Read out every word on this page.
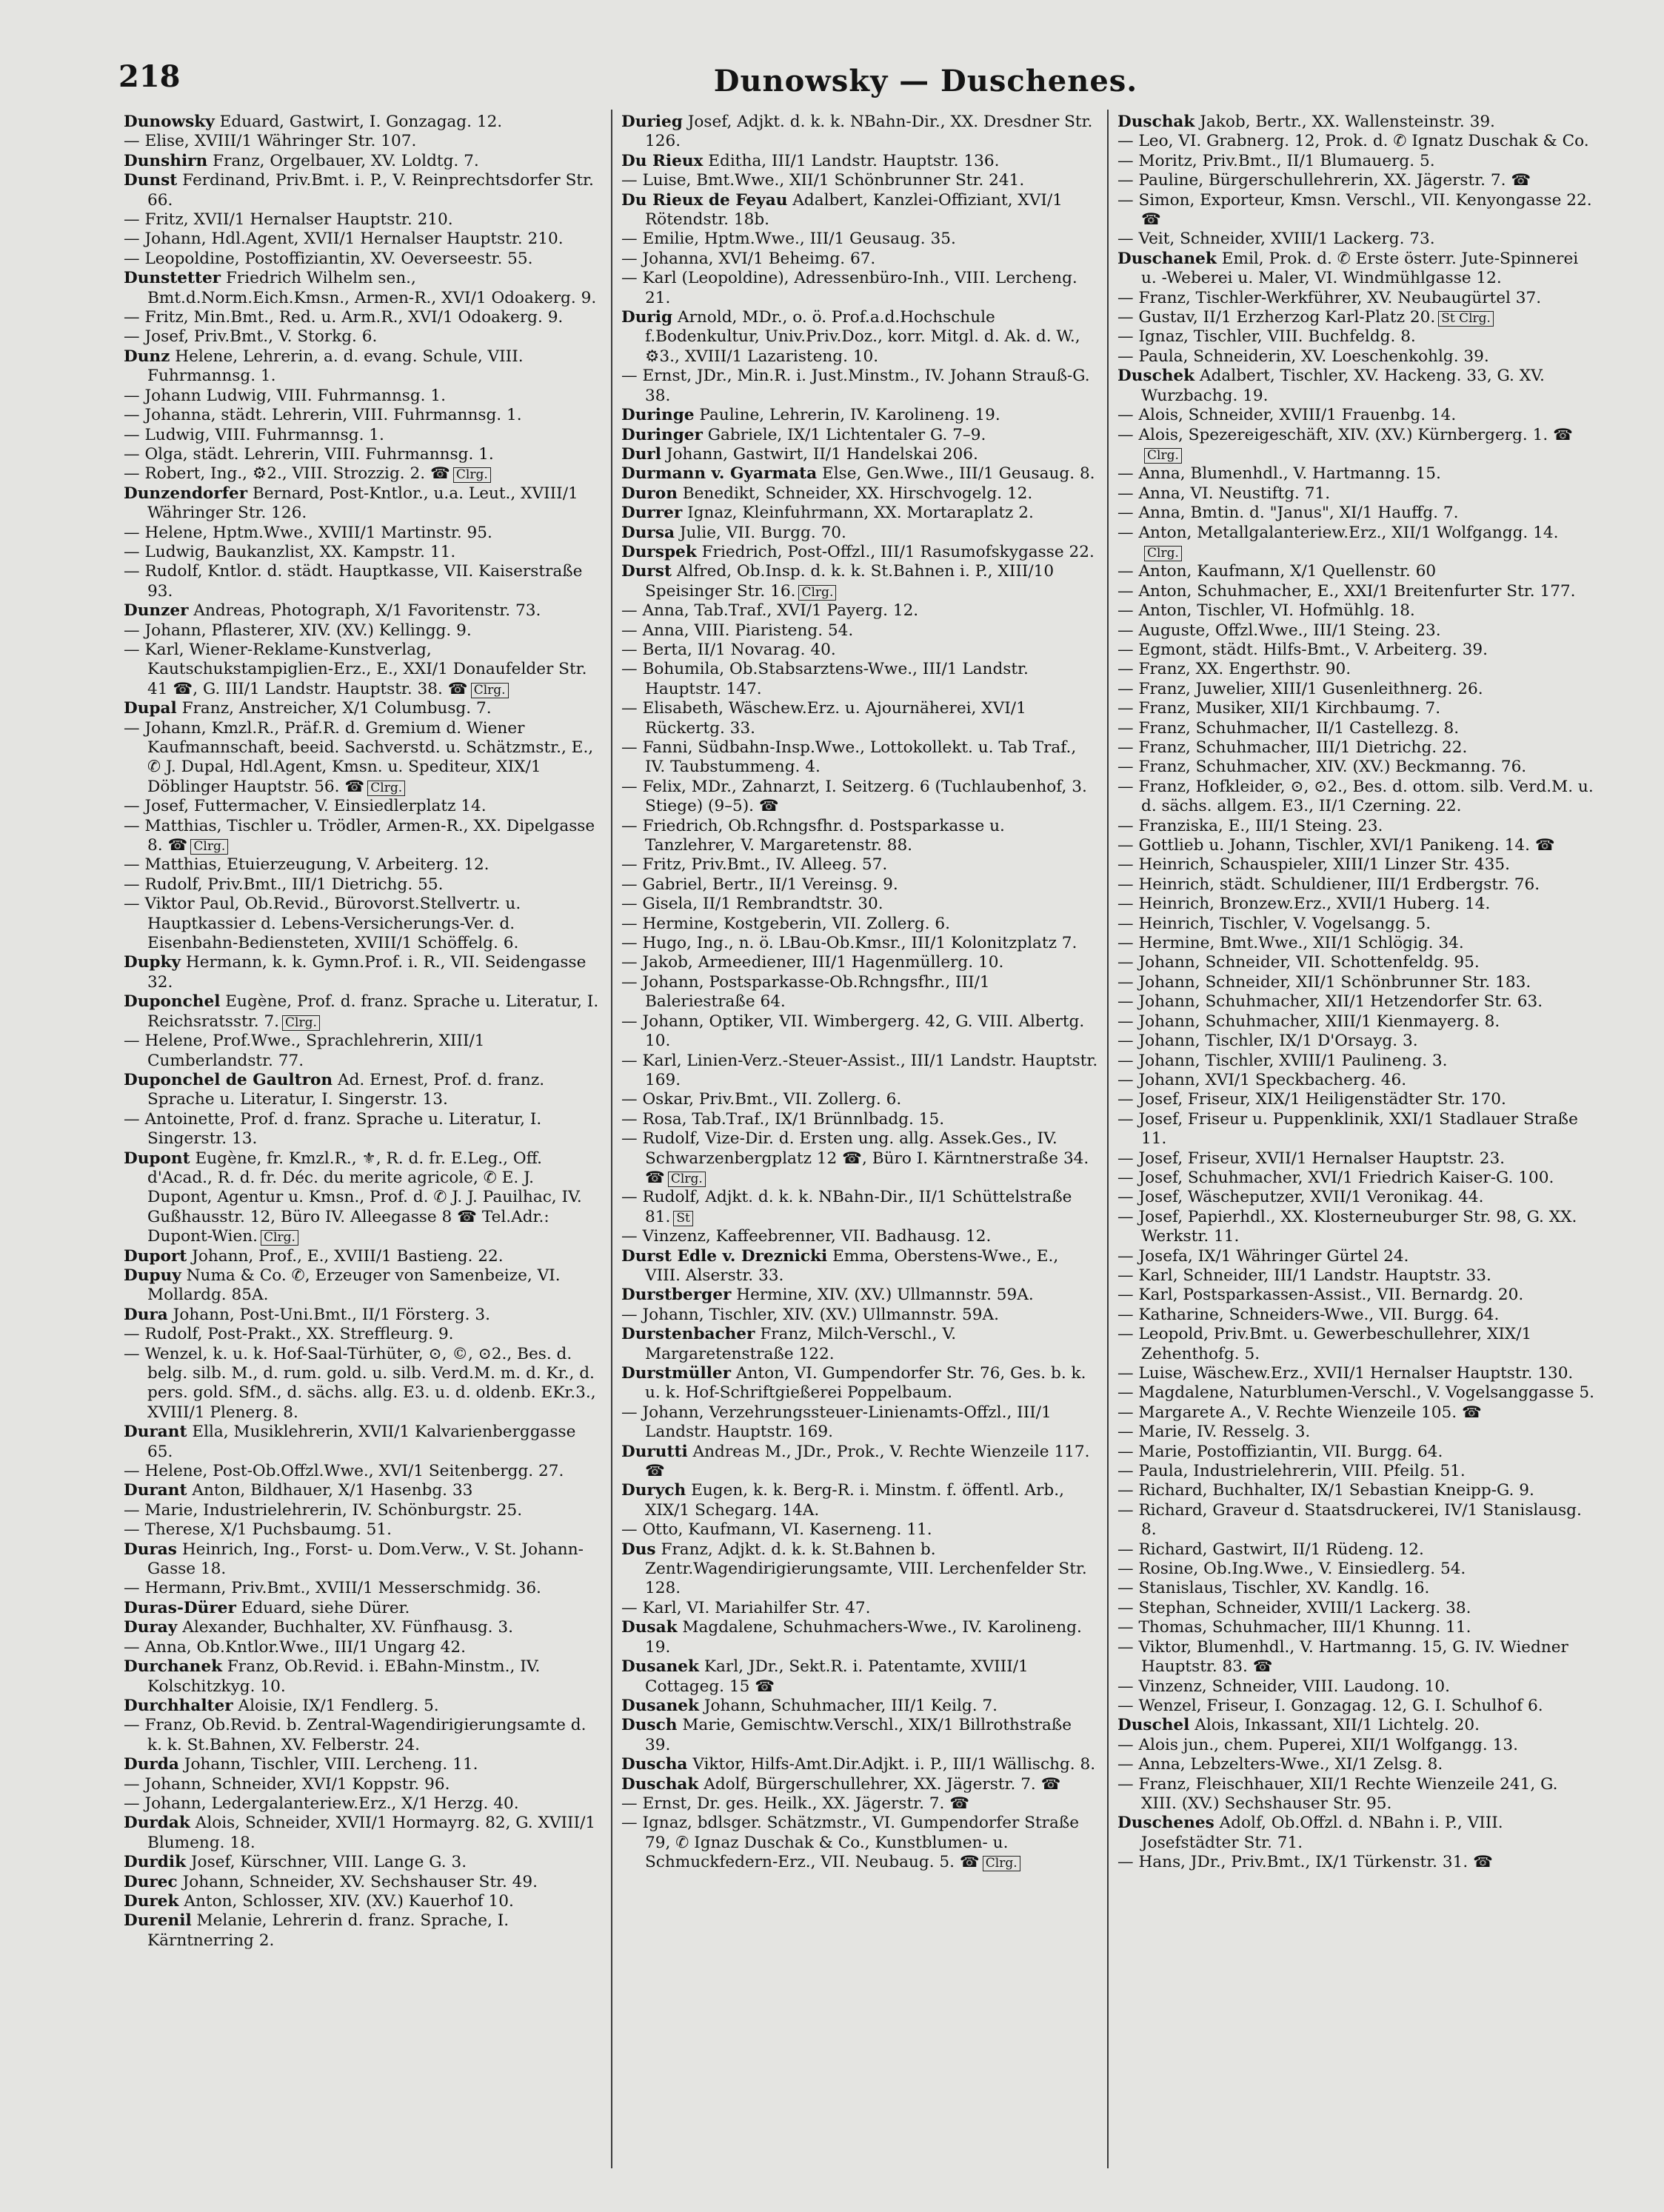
218	Dunowsky — Duschenes.

Dunowsky Eduard, Gastwirt, I. Gonzagag. 12.

— Elise, XVIII/1 Währinger Str. 107.

Dunshirn Franz, Orgelbauer, XV. Loldtg. 7.

Dunst Ferdinand, Priv.Bmt. i. P., V. Reinprechtsdorfer Str. 66.

— Fritz, XVII/1 Hernalser Hauptstr. 210.

— Johann, Hdl.Agent, XVII/1 Hernalser Hauptstr. 210.

— Leopoldine, Postoffiziantin, XV. Oeverseestr. 55.

Dunstetter Friedrich Wilhelm sen., Bmt.d.Norm.Eich.Kmsn., Armen-R., XVI/1 Odoakerg. 9.

— Fritz, Min.Bmt., Red. u. Arm.R., XVI/1 Odoakerg. 9.

— Josef, Priv.Bmt., V. Storkg. 6.

Dunz Helene, Lehrerin, a. d. evang. Schule, VIII. Fuhrmannsg. 1.

— Johann Ludwig, VIII. Fuhrmannsg. 1.

— Johanna, städt. Lehrerin, VIII. Fuhrmannsg. 1.

— Ludwig, VIII. Fuhrmannsg. 1.

— Olga, städt. Lehrerin, VIII. Fuhrmannsg. 1.

— Robert, Ing., ⚙2., VIII. Strozzig. 2. ☎ Clrg.

Dunzendorfer Bernard, Post-Kntlor., u.a. Leut., XVIII/1 Währinger Str. 126.

— Helene, Hptm.Wwe., XVIII/1 Martinstr. 95.

— Ludwig, Baukanzlist, XX. Kampstr. 11.

— Rudolf, Kntlor. d. städt. Hauptkasse, VII. Kaiserstraße 93.

Dunzer Andreas, Photograph, X/1 Favoritenstr. 73.

— Johann, Pflasterer, XIV. (XV.) Kellingg. 9.

— Karl, Wiener-Reklame-Kunstverlag, Kautschukstampiglien-Erz., E., XXI/1 Donaufelder Str. 41 ☎, G. III/1 Landstr. Hauptstr. 38. ☎ Clrg.

Dupal Franz, Anstreicher, X/1 Columbusg. 7.

— Johann, Kmzl.R., Präf.R. d. Gremium d. Wiener Kaufmannschaft, beeid. Sachverstd. u. Schätzmstr., E., ✆ J. Dupal, Hdl.Agent, Kmsn. u. Spediteur, XIX/1 Döblinger Hauptstr. 56. ☎ Clrg.

— Josef, Futtermacher, V. Einsiedlerplatz 14.

— Matthias, Tischler u. Trödler, Armen-R., XX. Dipelgasse 8. ☎ Clrg.

— Matthias, Etuierzeugung, V. Arbeiterg. 12.

— Rudolf, Priv.Bmt., III/1 Dietrichg. 55.

— Viktor Paul, Ob.Revid., Bürovorst.Stellvertr. u. Hauptkassier d. Lebens-Versicherungs-Ver. d. Eisenbahn-Bediensteten, XVIII/1 Schöffelg. 6.

Dupky Hermann, k. k. Gymn.Prof. i. R., VII. Seidengasse 32.

Duponchel Eugène, Prof. d. franz. Sprache u. Literatur, I. Reichsratsstr. 7. Clrg.

— Helene, Prof.Wwe., Sprachlehrerin, XIII/1 Cumberlandstr. 77.

Duponchel de Gaultron Ad. Ernest, Prof. d. franz. Sprache u. Literatur, I. Singerstr. 13.

— Antoinette, Prof. d. franz. Sprache u. Literatur, I. Singerstr. 13.

Dupont Eugène, fr. Kmzl.R., ⚜, R. d. fr. E.Leg., Off. d'Acad., R. d. fr. Déc. du merite agricole, ✆ E. J. Dupont, Agentur u. Kmsn., Prof. d. ✆ J. J. Pauilhac, IV. Gußhausstr. 12, Büro IV. Alleegasse 8 ☎ Tel.Adr.: Dupont-Wien. Clrg.

Duport Johann, Prof., E., XVIII/1 Bastieng. 22.

Dupuy Numa & Co. ✆, Erzeuger von Samenbeize, VI. Mollardg. 85A.

Dura Johann, Post-Uni.Bmt., II/1 Försterg. 3.

— Rudolf, Post-Prakt., XX. Streffleurg. 9.

— Wenzel, k. u. k. Hof-Saal-Türhüter, ⊙, ©, ⊙2., Bes. d. belg. silb. M., d. rum. gold. u. silb. Verd.M. m. d. Kr., d. pers. gold. SfM., d. sächs. allg. E3. u. d. oldenb. EKr.3., XVIII/1 Plenerg. 8.

Durant Ella, Musiklehrerin, XVII/1 Kalvarienberggasse 65.

— Helene, Post-Ob.Offzl.Wwe., XVI/1 Seitenbergg. 27.

Durant Anton, Bildhauer, X/1 Hasenbg. 33

— Marie, Industrielehrerin, IV. Schönburgstr. 25.

— Therese, X/1 Puchsbaumg. 51.

Duras Heinrich, Ing., Forst- u. Dom.Verw., V. St. Johann-Gasse 18.

— Hermann, Priv.Bmt., XVIII/1 Messerschmidg. 36.

Duras-Dürer Eduard, siehe Dürer.

Duray Alexander, Buchhalter, XV. Fünfhausg. 3.

— Anna, Ob.Kntlor.Wwe., III/1 Ungarg 42.

Durchanek Franz, Ob.Revid. i. EBahn-Minstm., IV. Kolschitzkyg. 10.

Durchhalter Aloisie, IX/1 Fendlerg. 5.

— Franz, Ob.Revid. b. Zentral-Wagendirigierungsamte d. k. k. St.Bahnen, XV. Felberstr. 24.

Durda Johann, Tischler, VIII. Lercheng. 11.

— Johann, Schneider, XVI/1 Koppstr. 96.

— Johann, Ledergalanteriew.Erz., X/1 Herzg. 40.

Durdak Alois, Schneider, XVII/1 Hormayrg. 82, G. XVIII/1 Blumeng. 18.

Durdik Josef, Kürschner, VIII. Lange G. 3.

Durec Johann, Schneider, XV. Sechshauser Str. 49.

Durek Anton, Schlosser, XIV. (XV.) Kauerhof 10.

Durenil Melanie, Lehrerin d. franz. Sprache, I. Kärntnerring 2.

Durieg Josef, Adjkt. d. k. k. NBahn-Dir., XX. Dresdner Str. 126.

Du Rieux Editha, III/1 Landstr. Hauptstr. 136.

— Luise, Bmt.Wwe., XII/1 Schönbrunner Str. 241.

Du Rieux de Feyau Adalbert, Kanzlei-Offiziant, XVI/1 Rötendstr. 18b.

— Emilie, Hptm.Wwe., III/1 Geusaug. 35.

— Johanna, XVI/1 Beheimg. 67.

— Karl (Leopoldine), Adressenbüro-Inh., VIII. Lercheng. 21.

Durig Arnold, MDr., o. ö. Prof.a.d.Hochschule f.Bodenkultur, Univ.Priv.Doz., korr. Mitgl. d. Ak. d. W., ⚙3., XVIII/1 Lazaristeng. 10.

— Ernst, JDr., Min.R. i. Just.Minstm., IV. Johann Strauß-G. 38.

Duringe Pauline, Lehrerin, IV. Karolineng. 19.

Duringer Gabriele, IX/1 Lichtentaler G. 7–9.

Durl Johann, Gastwirt, II/1 Handelskai 206.

Durmann v. Gyarmata Else, Gen.Wwe., III/1 Geusaug. 8.

Duron Benedikt, Schneider, XX. Hirschvogelg. 12.

Durrer Ignaz, Kleinfuhrmann, XX. Mortaraplatz 2.

Dursa Julie, VII. Burgg. 70.

Durspek Friedrich, Post-Offzl., III/1 Rasumofskygasse 22.

Durst Alfred, Ob.Insp. d. k. k. St.Bahnen i. P., XIII/10 Speisinger Str. 16. Clrg.

— Anna, Tab.Traf., XVI/1 Payerg. 12.

— Anna, VIII. Piaristeng. 54.

— Berta, II/1 Novarag. 40.

— Bohumila, Ob.Stabsarztens-Wwe., III/1 Landstr. Hauptstr. 147.

— Elisabeth, Wäschew.Erz. u. Ajournäherei, XVI/1 Rückertg. 33.

— Fanni, Südbahn-Insp.Wwe., Lottokollekt. u. Tab Traf., IV. Taubstummeng. 4.

— Felix, MDr., Zahnarzt, I. Seitzerg. 6 (Tuchlaubenhof, 3. Stiege) (9–5). ☎

— Friedrich, Ob.Rchngsfhr. d. Postsparkasse u. Tanzlehrer, V. Margaretenstr. 88.

— Fritz, Priv.Bmt., IV. Alleeg. 57.

— Gabriel, Bertr., II/1 Vereinsg. 9.

— Gisela, II/1 Rembrandtstr. 30.

— Hermine, Kostgeberin, VII. Zollerg. 6.

— Hugo, Ing., n. ö. LBau-Ob.Kmsr., III/1 Kolonitzplatz 7.

— Jakob, Armeediener, III/1 Hagenmüllerg. 10.

— Johann, Postsparkasse-Ob.Rchngsfhr., III/1 Baleriestraße 64.

— Johann, Optiker, VII. Wimbergerg. 42, G. VIII. Albertg. 10.

— Karl, Linien-Verz.-Steuer-Assist., III/1 Landstr. Hauptstr. 169.

— Oskar, Priv.Bmt., VII. Zollerg. 6.

— Rosa, Tab.Traf., IX/1 Brünnlbadg. 15.

— Rudolf, Vize-Dir. d. Ersten ung. allg. Assek.Ges., IV. Schwarzenbergplatz 12 ☎, Büro I. Kärntnerstraße 34. ☎ Clrg.

— Rudolf, Adjkt. d. k. k. NBahn-Dir., II/1 Schüttelstraße 81. St

— Vinzenz, Kaffeebrenner, VII. Badhausg. 12.

Durst Edle v. Dreznicki Emma, Oberstens-Wwe., E., VIII. Alserstr. 33.

Durstberger Hermine, XIV. (XV.) Ullmannstr. 59A.

— Johann, Tischler, XIV. (XV.) Ullmannstr. 59A.

Durstenbacher Franz, Milch-Verschl., V. Margaretenstraße 122.

Durstmüller Anton, VI. Gumpendorfer Str. 76, Ges. b. k. u. k. Hof-Schriftgießerei Poppelbaum.

— Johann, Verzehrungssteuer-Linienamts-Offzl., III/1 Landstr. Hauptstr. 169.

Durutti Andreas M., JDr., Prok., V. Rechte Wienzeile 117. ☎

Durych Eugen, k. k. Berg-R. i. Minstm. f. öffentl. Arb., XIX/1 Schegarg. 14A.

— Otto, Kaufmann, VI. Kaserneng. 11.

Dus Franz, Adjkt. d. k. k. St.Bahnen b. Zentr.Wagendirigierungsamte, VIII. Lerchenfelder Str. 128.

— Karl, VI. Mariahilfer Str. 47.

Dusak Magdalene, Schuhmachers-Wwe., IV. Karolineng. 19.

Dusanek Karl, JDr., Sekt.R. i. Patentamte, XVIII/1 Cottageg. 15 ☎

Dusanek Johann, Schuhmacher, III/1 Keilg. 7.

Dusch Marie, Gemischtw.Verschl., XIX/1 Billrothstraße 39.

Duscha Viktor, Hilfs-Amt.Dir.Adjkt. i. P., III/1 Wällischg. 8.

Duschak Adolf, Bürgerschullehrer, XX. Jägerstr. 7. ☎

— Ernst, Dr. ges. Heilk., XX. Jägerstr. 7. ☎

— Ignaz, bdlsger. Schätzmstr., VI. Gumpendorfer Straße 79, ✆ Ignaz Duschak & Co., Kunstblumen- u. Schmuckfedern-Erz., VII. Neubaug. 5. ☎ Clrg.

Duschak Jakob, Bertr., XX. Wallensteinstr. 39.

— Leo, VI. Grabnerg. 12, Prok. d. ✆ Ignatz Duschak & Co.

— Moritz, Priv.Bmt., II/1 Blumauerg. 5.

— Pauline, Bürgerschullehrerin, XX. Jägerstr. 7. ☎

— Simon, Exporteur, Kmsn. Verschl., VII. Kenyongasse 22. ☎

— Veit, Schneider, XVIII/1 Lackerg. 73.

Duschanek Emil, Prok. d. ✆ Erste österr. Jute-Spinnerei u. -Weberei u. Maler, VI. Windmühlgasse 12.

— Franz, Tischler-Werkführer, XV. Neubaugürtel 37.

— Gustav, II/1 Erzherzog Karl-Platz 20. St Clrg.

— Ignaz, Tischler, VIII. Buchfeldg. 8.

— Paula, Schneiderin, XV. Loeschenkohlg. 39.

Duschek Adalbert, Tischler, XV. Hackeng. 33, G. XV. Wurzbachg. 19.

— Alois, Schneider, XVIII/1 Frauenbg. 14.

— Alois, Spezereigeschäft, XIV. (XV.) Kürnbergerg. 1. ☎Clrg.

— Anna, Blumenhdl., V. Hartmanng. 15.

— Anna, VI. Neustiftg. 71.

— Anna, Bmtin. d. "Janus", XI/1 Hauffg. 7.

— Anton, Metallgalanteriew.Erz., XII/1 Wolfgangg. 14.Clrg.

— Anton, Kaufmann, X/1 Quellenstr. 60

— Anton, Schuhmacher, E., XXI/1 Breitenfurter Str. 177.

— Anton, Tischler, VI. Hofmühlg. 18.

— Auguste, Offzl.Wwe., III/1 Steing. 23.

— Egmont, städt. Hilfs-Bmt., V. Arbeiterg. 39.

— Franz, XX. Engerthstr. 90.

— Franz, Juwelier, XIII/1 Gusenleithnerg. 26.

— Franz, Musiker, XII/1 Kirchbaumg. 7.

— Franz, Schuhmacher, II/1 Castellezg. 8.

— Franz, Schuhmacher, III/1 Dietrichg. 22.

— Franz, Schuhmacher, XIV. (XV.) Beckmanng. 76.

— Franz, Hofkleider, ⊙, ⊙2., Bes. d. ottom. silb. Verd.M. u. d. sächs. allgem. E3., II/1 Czerning. 22.

— Franziska, E., III/1 Steing. 23.

— Gottlieb u. Johann, Tischler, XVI/1 Panikeng. 14. ☎

— Heinrich, Schauspieler, XIII/1 Linzer Str. 435.

— Heinrich, städt. Schuldiener, III/1 Erdbergstr. 76.

— Heinrich, Bronzew.Erz., XVII/1 Huberg. 14.

— Heinrich, Tischler, V. Vogelsangg. 5.

— Hermine, Bmt.Wwe., XII/1 Schlögig. 34.

— Johann, Schneider, VII. Schottenfeldg. 95.

— Johann, Schneider, XII/1 Schönbrunner Str. 183.

— Johann, Schuhmacher, XII/1 Hetzendorfer Str. 63.

— Johann, Schuhmacher, XIII/1 Kienmayerg. 8.

— Johann, Tischler, IX/1 D'Orsayg. 3.

— Johann, Tischler, XVIII/1 Paulineng. 3.

— Johann, XVI/1 Speckbacherg. 46.

— Josef, Friseur, XIX/1 Heiligenstädter Str. 170.

— Josef, Friseur u. Puppenklinik, XXI/1 Stadlauer Straße 11.

— Josef, Friseur, XVII/1 Hernalser Hauptstr. 23.

— Josef, Schuhmacher, XVI/1 Friedrich Kaiser-G. 100.

— Josef, Wäscheputzer, XVII/1 Veronikag. 44.

— Josef, Papierhdl., XX. Klosterneuburger Str. 98, G. XX. Werkstr. 11.

— Josefa, IX/1 Währinger Gürtel 24.

— Karl, Schneider, III/1 Landstr. Hauptstr. 33.

— Karl, Postsparkassen-Assist., VII. Bernardg. 20.

— Katharine, Schneiders-Wwe., VII. Burgg. 64.

— Leopold, Priv.Bmt. u. Gewerbeschullehrer, XIX/1 Zehenthofg. 5.

— Luise, Wäschew.Erz., XVII/1 Hernalser Hauptstr. 130.

— Magdalene, Naturblumen-Verschl., V. Vogelsanggasse 5.

— Margarete A., V. Rechte Wienzeile 105. ☎

— Marie, IV. Resselg. 3.

— Marie, Postoffiziantin, VII. Burgg. 64.

— Paula, Industrielehrerin, VIII. Pfeilg. 51.

— Richard, Buchhalter, IX/1 Sebastian Kneipp-G. 9.

— Richard, Graveur d. Staatsdruckerei, IV/1 Stanislausg. 8.

— Richard, Gastwirt, II/1 Rüdeng. 12.

— Rosine, Ob.Ing.Wwe., V. Einsiedlerg. 54.

— Stanislaus, Tischler, XV. Kandlg. 16.

— Stephan, Schneider, XVIII/1 Lackerg. 38.

— Thomas, Schuhmacher, III/1 Khunng. 11.

— Viktor, Blumenhdl., V. Hartmanng. 15, G. IV. Wiedner Hauptstr. 83. ☎

— Vinzenz, Schneider, VIII. Laudong. 10.

— Wenzel, Friseur, I. Gonzagag. 12, G. I. Schulhof 6.

Duschel Alois, Inkassant, XII/1 Lichtelg. 20.

— Alois jun., chem. Puperei, XII/1 Wolfgangg. 13.

— Anna, Lebzelters-Wwe., XI/1 Zelsg. 8.

— Franz, Fleischhauer, XII/1 Rechte Wienzeile 241, G. XIII. (XV.) Sechshauser Str. 95.

Duschenes Adolf, Ob.Offzl. d. NBahn i. P., VIII. Josefstädter Str. 71.

— Hans, JDr., Priv.Bmt., IX/1 Türkenstr. 31. ☎
